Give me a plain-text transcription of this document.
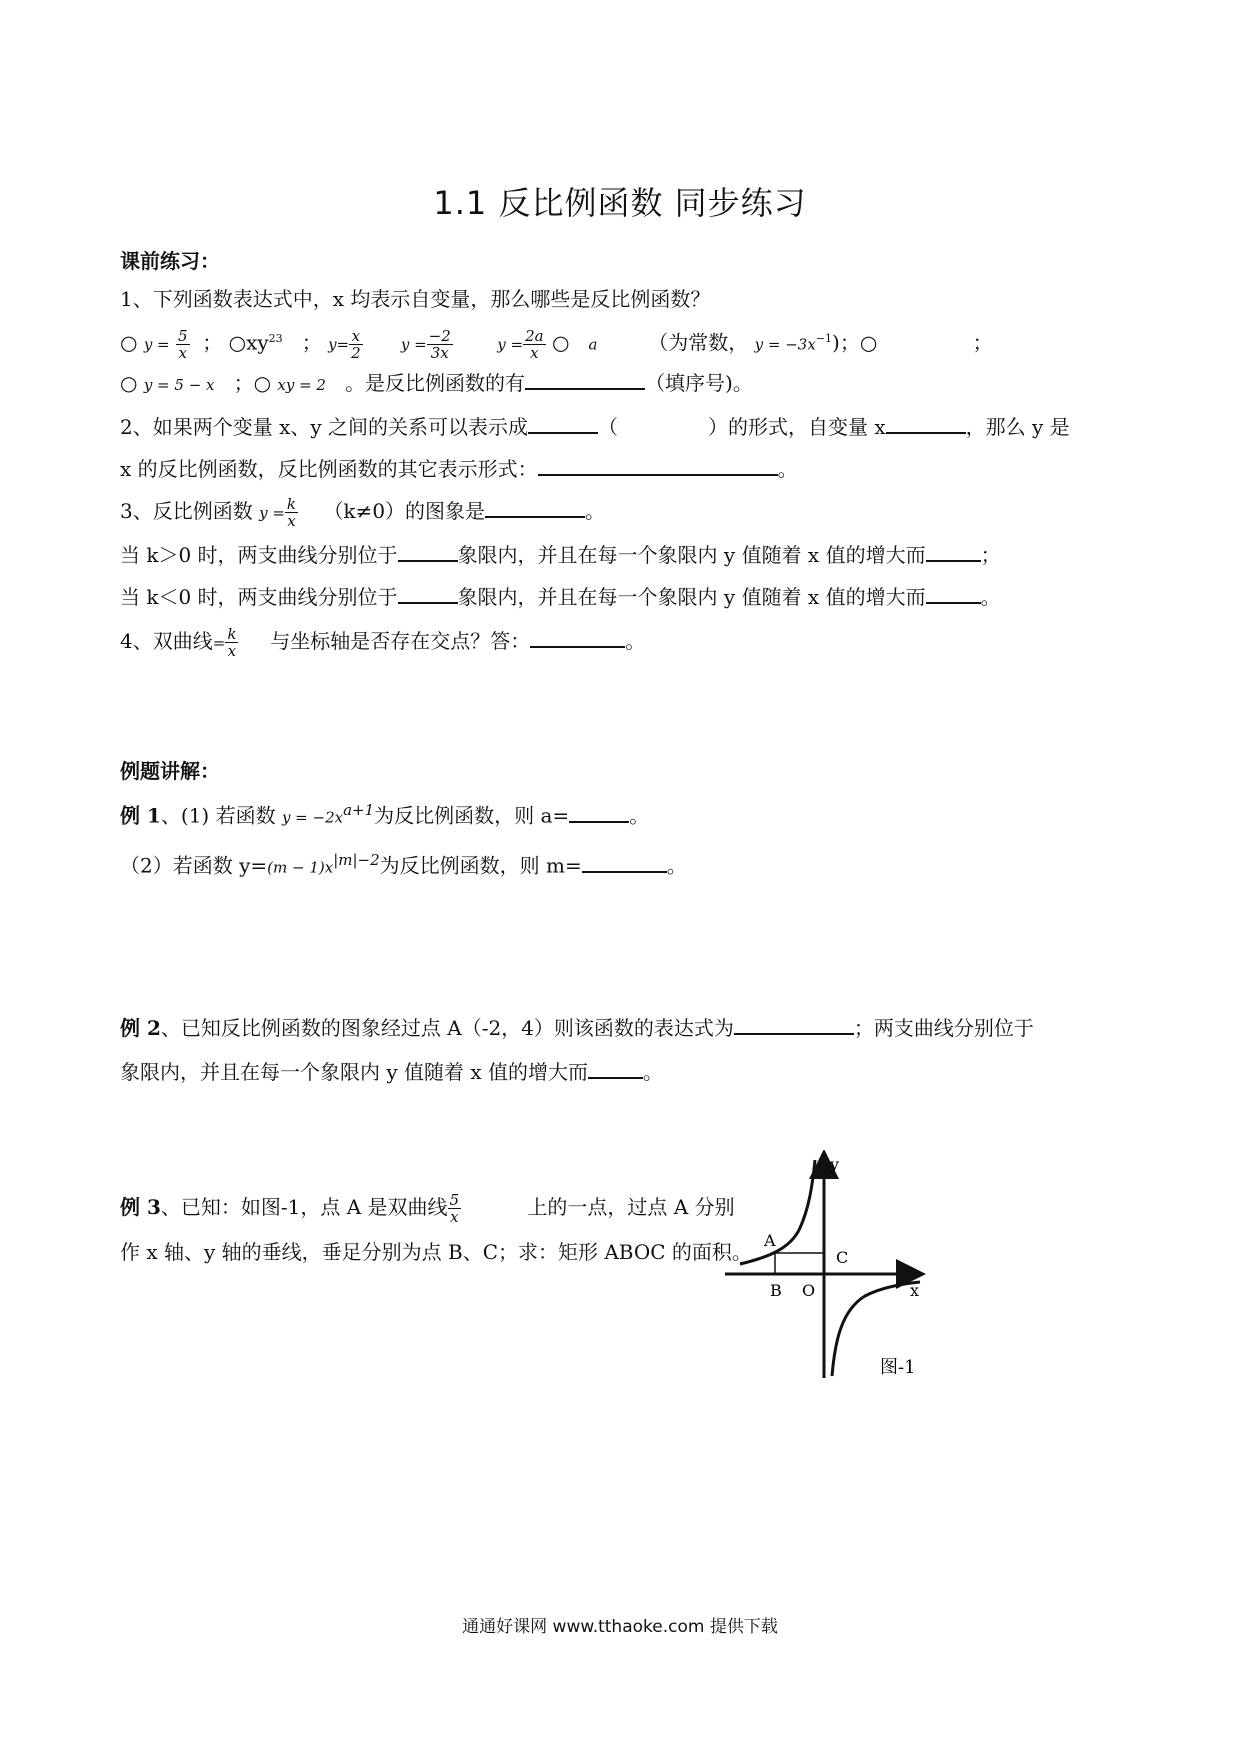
1.1 反比例函数 同步练习
课前练习：
1、下列函数表达式中，x 均表示自变量，那么哪些是反比例函数？
○ $y = \frac{5}{x}$ ； $○xy^{23}$   ； $y= \frac{x}{2}$	$y = \frac{-2}{3x}$	$y = \frac{2a}{x}$ ○ a        （为常数， $y = -3x^{-1}$)；○               ；
○ y = 5 − x   ；○ xy = 2 。是反比例函数的有	（填序号)。
2、如果两个变量 x、y 之间的关系可以表示成	（	）的形式，自变量 x	，那么 y 是
x 的反比例函数，反比例函数的其它表示形式：	。
3、反比例函数 $y = \frac{k}{x} (k\ne 0)$的图象是	。
当 k＞0 时，两支曲线分别位于	象限内，并且在每一个象限内 y 值随着 x 值的增大而	；
当 k＜0 时，两支曲线分别位于	象限内，并且在每一个象限内 y 值随着 x 值的增大而	。
4、双曲线= $\frac{k}{x}$ 与坐标轴是否存在交点？答：	。
例题讲解：
例 1、(1) 若函数 $y = -2x^{a+1}$为反比例函数，则 a=	。
（2）若函数 $y=(m - 1)x^{|m|-2}$为反比例函数，则 m=	。
例 2、已知反比例函数的图象经过点 A（-2，4）则该函数的表达式为	；两支曲线分别位于
象限内，并且在每一个象限内 y 值随着 x 值的增大而	。
例 3、已知：如图-1，点 A 是双曲线 $\frac{5}{x}$	上的一点，过点 A 分别
作 x 轴、y 轴的垂线，垂足分别为点 B、C；求：矩形 ABOC 的面积。 A
B
C
O
y
x
图-1
通通好课网 www.tthaoke.com 提供下载
